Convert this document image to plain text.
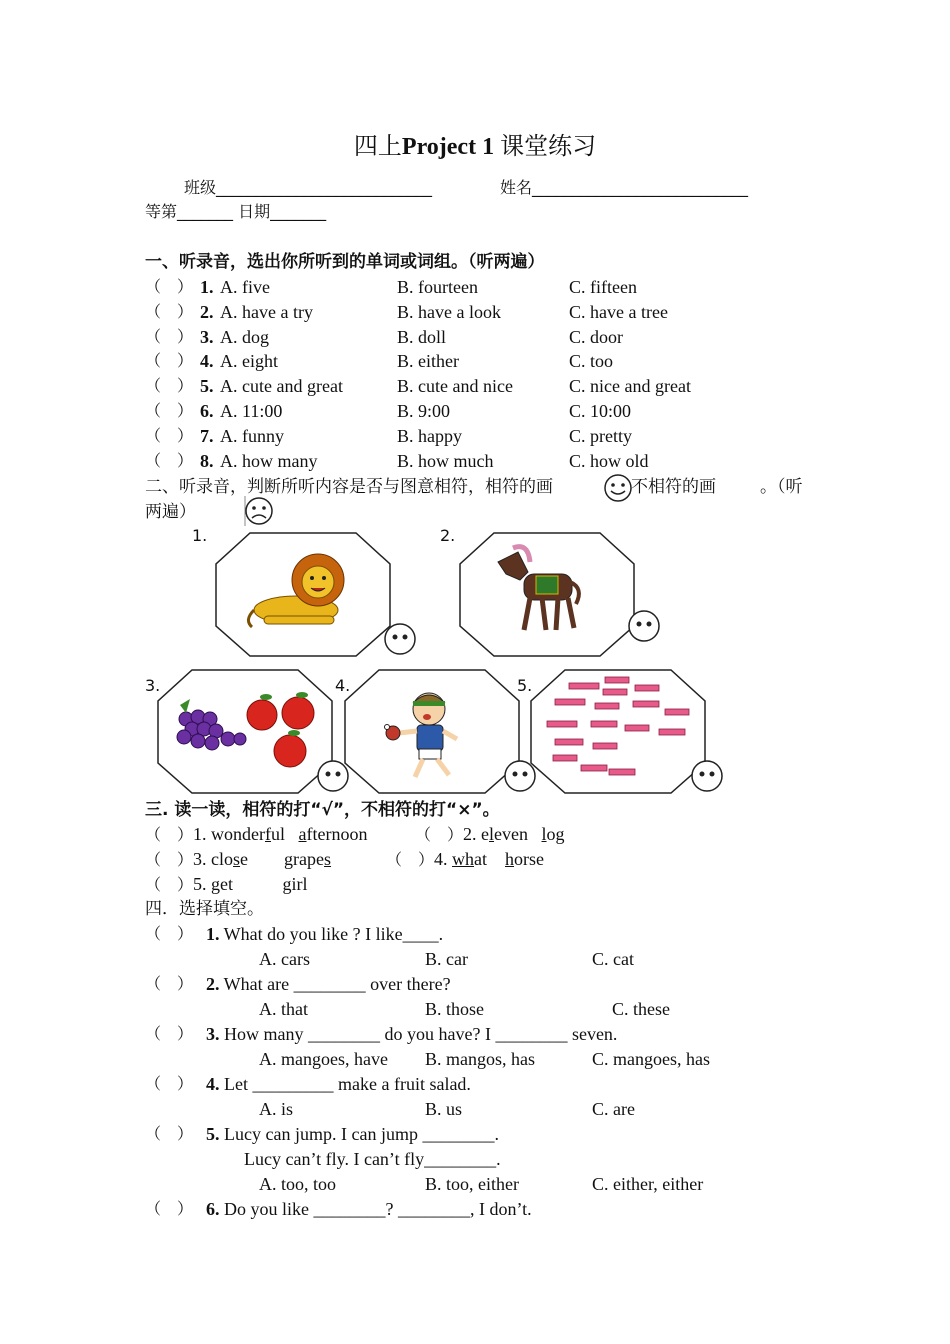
四上Project 1 课堂练习
班级___________________________	姓名___________________________
等第_______ 日期_______
一、听录音，选出你所听到的单词或词组。（听两遍）
（　） 1. A. five	B. fourteen	C. fifteen
（　） 2. A. have a try	B. have a look	C. have a tree
（　） 3. A. dog	B. doll	C. door
（　） 4. A. eight	B. either	C. too
（　） 5. A. cute and great	B. cute and nice	C. nice and great
（　） 6. A. 11:00	B. 9:00	C. 10:00
（　） 7. A. funny	B. happy	C. pretty
（　） 8. A. how many	B. how much	C. how old
二、听录音，判断所听内容是否与图意相符，相符的画	不相符的画	。（听
两遍）
1.	2.
3.	4.	5.
三. 读一读，相符的打“√”，不相符的打“×”。
（　）1. wonderful afternoon	（　）2. eleven log
（　）3. close grapes	（　）4. what horse
（　）5. get	girl
四．选择填空。
（　） 1. What do you like ? I like____.
A. cars	B. car	C. cat
（　） 2. What are ________ over there?
A. that	B. those	C. these
（　） 3. How many ________ do you have? I ________ seven.
A. mangoes, have B. mangos, has	C. mangoes, has
（　） 4. Let _________ make a fruit salad.
A. is	B. us	C. are
（　） 5. Lucy can jump. I can jump ________.
Lucy can’t fly. I can’t fly________.
A. too, too	B. too, either	C. either, either
（　） 6. Do you like ________? ________, I don’t.
